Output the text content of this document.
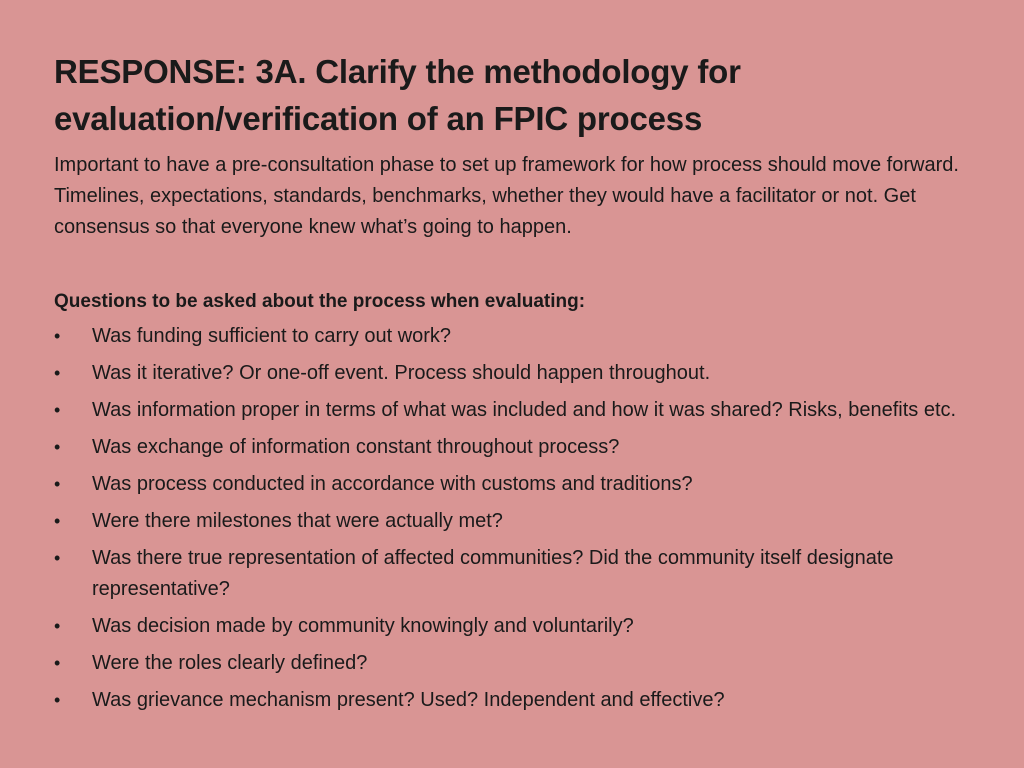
RESPONSE: 3A. Clarify the methodology for evaluation/verification of an FPIC process

Important to have a pre-consultation phase to set up framework for how process should move forward. Timelines, expectations, standards, benchmarks, whether they would have a facilitator or not. Get consensus so that everyone knew what’s going to happen.

Questions to be asked about the process when evaluating:
•	Was funding sufficient to carry out work?
•	Was it iterative? Or one-off event. Process should happen throughout.
•	Was information proper in terms of what was included and how it was shared? Risks, benefits etc.
•	Was exchange of information constant throughout process?
•	Was process conducted in accordance with customs and traditions?
•	Were there milestones that were actually met?
•	Was there true representation of affected communities? Did the community itself designate representative?
•	Was decision made by community knowingly and voluntarily?
•	Were the roles clearly defined?
•	Was grievance mechanism present? Used? Independent and effective?
